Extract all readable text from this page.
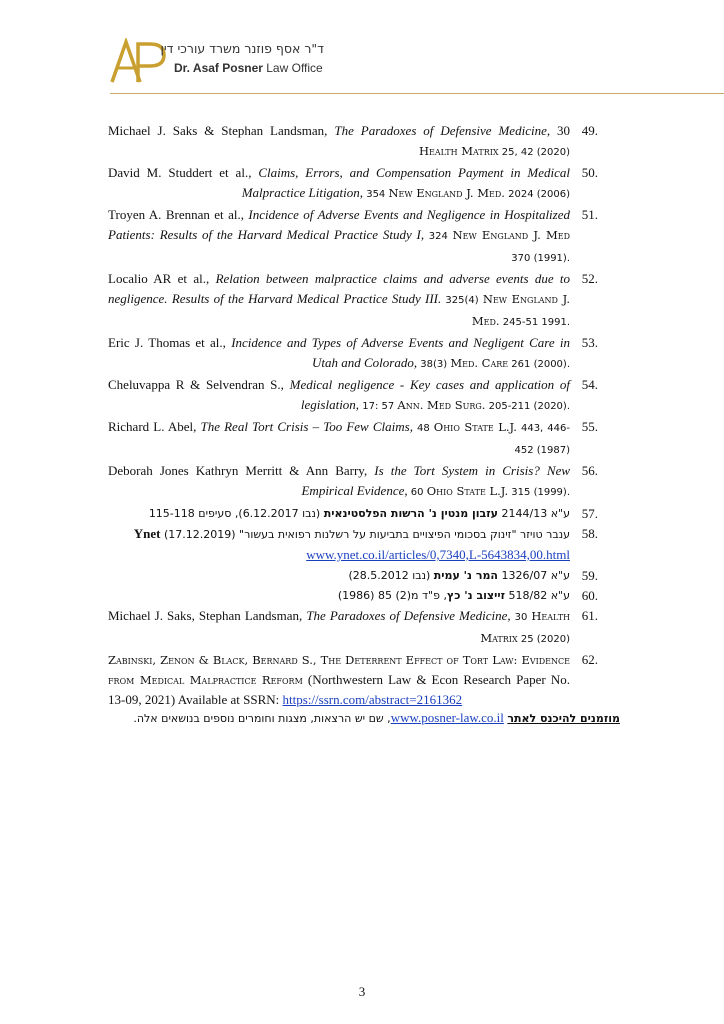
ד"ר אסף פוזנר משרד עורכי דין
Dr. Asaf Posner Law Office
49.
Michael J. Saks & Stephan Landsman, The Paradoxes of Defensive Medicine, 30 Health Matrix 25, 42 (2020)
50.
David M. Studdert et al., Claims, Errors, and Compensation Payment in Medical Malpractice Litigation, 354 New England J. Med. 2024 (2006)
51.
Troyen A. Brennan et al., Incidence of Adverse Events and Negligence in Hospitalized Patients: Results of the Harvard Medical Practice Study I, 324 New England J. Med 370 (1991).
52.
Localio AR et al., Relation between malpractice claims and adverse events due to negligence. Results of the Harvard Medical Practice Study III. 325(4) New England J. Med. 245-51 1991.
53.
Eric J. Thomas et al., Incidence and Types of Adverse Events and Negligent Care in Utah and Colorado, 38(3) Med. Care 261 (2000).
54.
Cheluvappa R & Selvendran S., Medical negligence - Key cases and application of legislation, 17: 57 Ann. Med Surg. 205-211 (2020).
55.
Richard L. Abel, The Real Tort Crisis – Too Few Claims, 48 Ohio State L.J. 443, 446-452 (1987)
56.
Deborah Jones Kathryn Merritt & Ann Barry, Is the Tort System in Crisis? New Empirical Evidence, 60 Ohio State L.J. 315 (1999).
57.
ע"א 2144/13 עזבון מנטין נ' הרשות הפלסטינאית (נבו 6.12.2017), סעיפים 115-118
58.
ענבר טויזר "זינוק בסכומי הפיצויים בתביעות על רשלנות רפואית בעשור" Ynet (17.12.2019)
www.ynet.co.il/articles/0,7340,L-5643834,00.html
59.
ע"א 1326/07 המר נ' עמית (נבו 28.5.2012)
60.
ע"א 518/82 זייצוב נ' כץ, פ"ד מ(2) 85 (1986)
61.
Michael J. Saks, Stephan Landsman, The Paradoxes of Defensive Medicine, 30 Health Matrix 25 (2020)
62.
Zabinski, Zenon & Black, Bernard S., The Deterrent Effect of Tort Law: Evidence from Medical Malpractice Reform (Northwestern Law & Econ Research Paper No. 13-09, 2021) Available at SSRN: https://ssrn.com/abstract=2161362
מוזמנים להיכנס לאתר www.posner-law.co.il, שם יש הרצאות, מצגות וחומרים נוספים בנושאים אלה.
3
